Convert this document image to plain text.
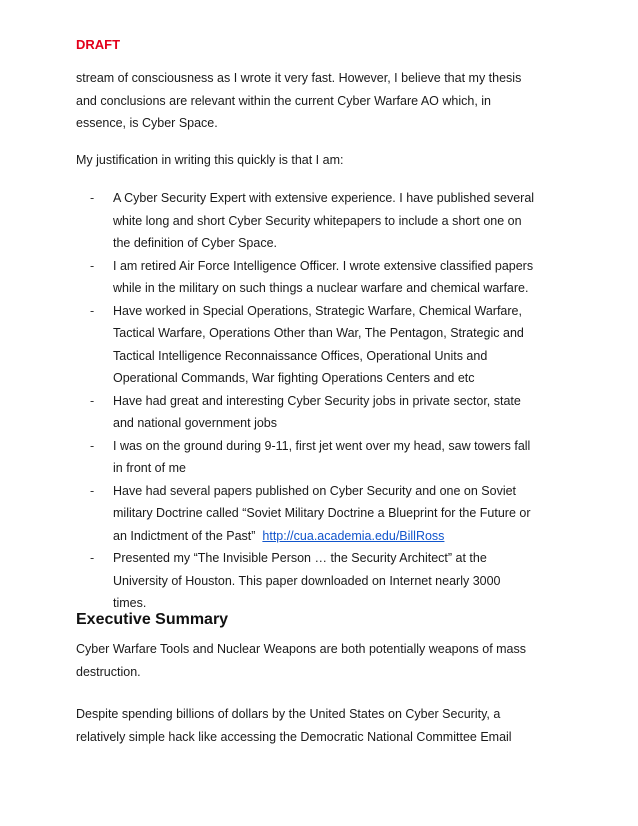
DRAFT

stream of consciousness as I wrote it very fast. However, I believe that my thesis
and conclusions are relevant within the current Cyber Warfare AO which, in
essence, is Cyber Space.

My justification in writing this quickly is that I am:

- A Cyber Security Expert with extensive experience. I have published several
white long and short Cyber Security whitepapers to include a short one on
the definition of Cyber Space.
- I am retired Air Force Intelligence Officer. I wrote extensive classified papers
while in the military on such things a nuclear warfare and chemical warfare.
- Have worked in Special Operations, Strategic Warfare, Chemical Warfare,
Tactical Warfare, Operations Other than War, The Pentagon, Strategic and
Tactical Intelligence Reconnaissance Offices, Operational Units and
Operational Commands, War fighting Operations Centers and etc
- Have had great and interesting Cyber Security jobs in private sector, state
and national government jobs
- I was on the ground during 9-11, first jet went over my head, saw towers fall
in front of me
- Have had several papers published on Cyber Security and one on Soviet
military Doctrine called “Soviet Military Doctrine a Blueprint for the Future or
an Indictment of the Past”  http://cua.academia.edu/BillRoss
- Presented my “The Invisible Person … the Security Architect” at the
University of Houston. This paper downloaded on Internet nearly 3000
times.
Executive Summary

Cyber Warfare Tools and Nuclear Weapons are both potentially weapons of mass
destruction.

Despite spending billions of dollars by the United States on Cyber Security, a
relatively simple hack like accessing the Democratic National Committee Email
